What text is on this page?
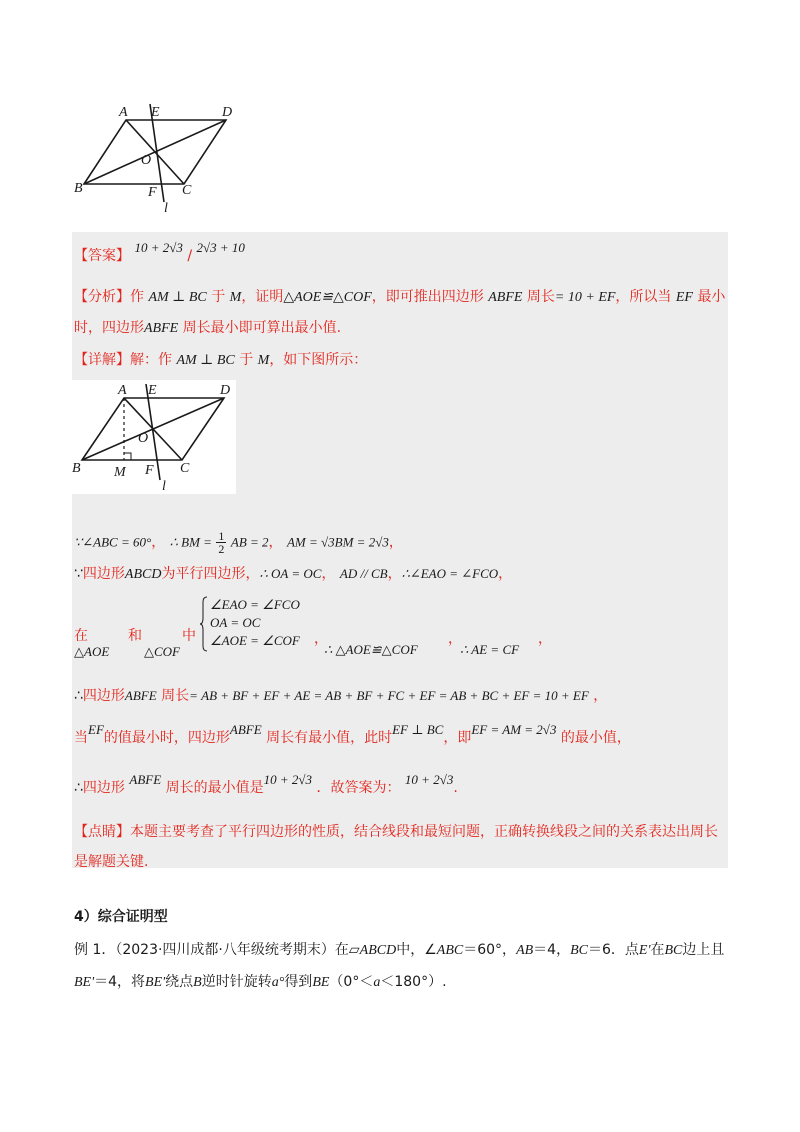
A E	D
O
B	F C
l
【答案】 10 + 2√3 / 2√3 + 10
【分析】作 AM ⊥ BC 于 M，证明△AOE≌△COF，即可推出四边形 ABFE 周长= 10 + EF，所以当 EF 最小
时，四边形ABFE 周长最小即可算出最小值.
【详解】解：作 AM ⊥ BC 于 M，如下图所示：
A E	D
O
B M F C
l
∵∠ABC = 60°， ∴ BM = $\frac{1}{2}$ AB = 2， AM = √3BM = 2√3，
∵四边形ABCD为平行四边形，∴ OA = OC， AD // CB，∴∠EAO = ∠FCO，
在
△AOE
和
△COF
中
∠EAO = ∠FCO
OA = OC
∠AOE = ∠COF	，
∴ △AOE≌△COF
，
∴ AE = CF
，
∴四边形ABFE 周长= AB + BF + EF + AE = AB + BF + FC + EF = AB + BC + EF = 10 + EF ，
当EF的值最小时，四边形ABFE 周长有最小值，此时EF ⊥ BC，即EF = AM = 2√3 的最小值，
∴四边形 ABFE 周长的最小值是10 + 2√3 ．故答案为： 10 + 2√3.
【点睛】本题主要考查了平行四边形的性质，结合线段和最短问题，正确转换线段之间的关系表达出周长
是解题关键.
4）综合证明型
例 1．（2023·四川成都·八年级统考期末）在▱ABCD中，∠ABC＝60°，AB＝4，BC＝6．点E'在BC边上且
BE'＝4，将BE'绕点B逆时针旋转a°得到BE（0°＜a＜180°）.
